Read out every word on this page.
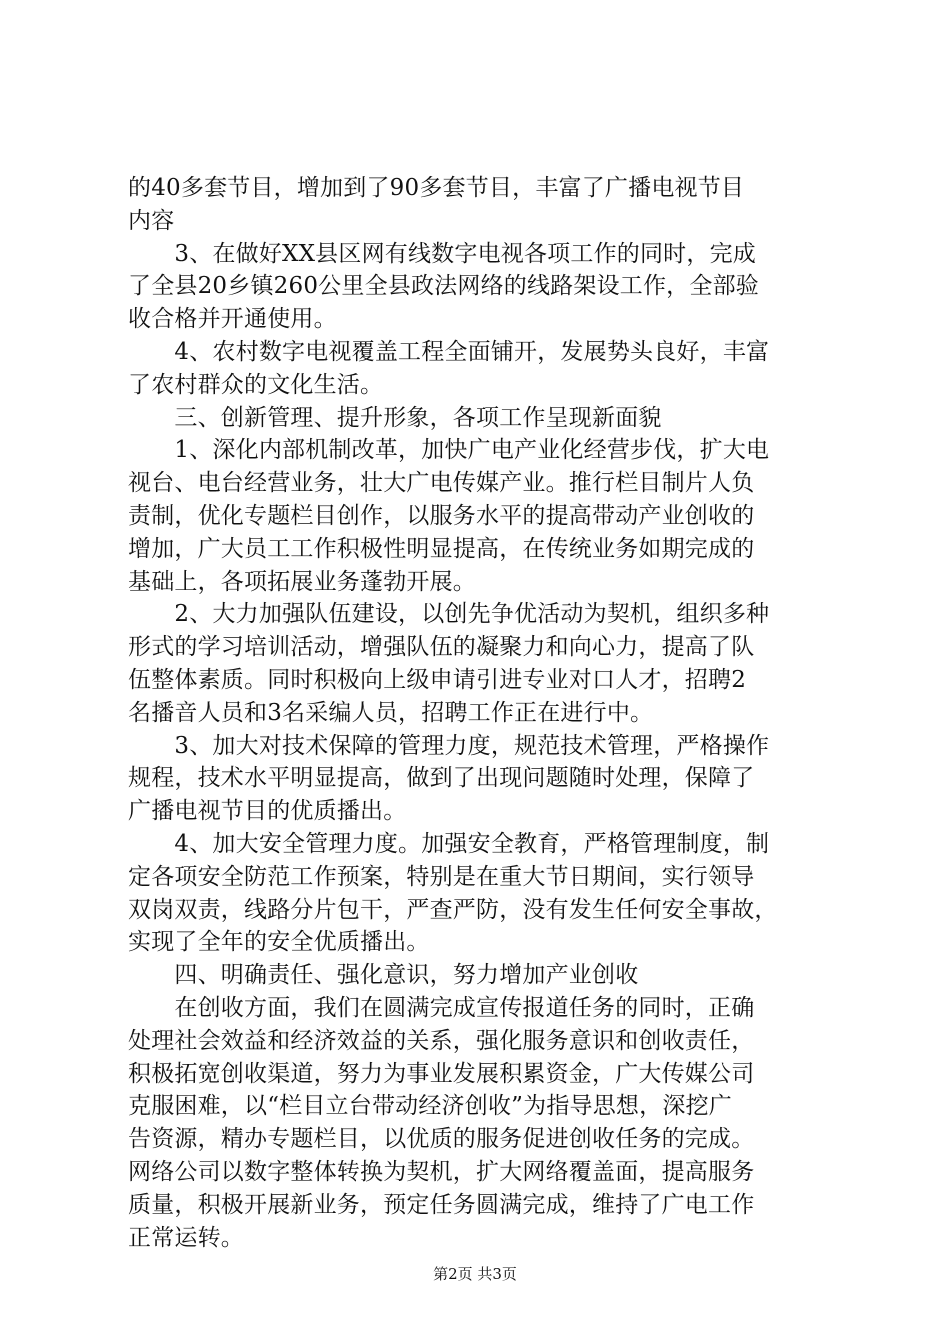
的40多套节目，增加到了90多套节目，丰富了广播电视节目
内容
　　3、在做好XX县区网有线数字电视各项工作的同时，完成
了全县20乡镇260公里全县政法网络的线路架设工作，全部验
收合格并开通使用。
　　4、农村数字电视覆盖工程全面铺开，发展势头良好，丰富
了农村群众的文化生活。
　　三、创新管理、提升形象，各项工作呈现新面貌
　　1、深化内部机制改革，加快广电产业化经营步伐，扩大电
视台、电台经营业务，壮大广电传媒产业。推行栏目制片人负
责制，优化专题栏目创作，以服务水平的提高带动产业创收的
增加，广大员工工作积极性明显提高，在传统业务如期完成的
基础上，各项拓展业务蓬勃开展。
　　2、大力加强队伍建设，以创先争优活动为契机，组织多种
形式的学习培训活动，增强队伍的凝聚力和向心力，提高了队
伍整体素质。同时积极向上级申请引进专业对口人才，招聘2
名播音人员和3名采编人员，招聘工作正在进行中。
　　3、加大对技术保障的管理力度，规范技术管理，严格操作
规程，技术水平明显提高，做到了出现问题随时处理，保障了
广播电视节目的优质播出。
　　4、加大安全管理力度。加强安全教育，严格管理制度，制
定各项安全防范工作预案，特别是在重大节日期间，实行领导
双岗双责，线路分片包干，严查严防，没有发生任何安全事故，
实现了全年的安全优质播出。
　　四、明确责任、强化意识，努力增加产业创收
　　在创收方面，我们在圆满完成宣传报道任务的同时，正确
处理社会效益和经济效益的关系，强化服务意识和创收责任，
积极拓宽创收渠道，努力为事业发展积累资金，广大传媒公司
克服困难，以“栏目立台带动经济创收”为指导思想，深挖广
告资源，精办专题栏目，以优质的服务促进创收任务的完成。
网络公司以数字整体转换为契机，扩大网络覆盖面，提高服务
质量，积极开展新业务，预定任务圆满完成，维持了广电工作
正常运转。
第2页 共3页
